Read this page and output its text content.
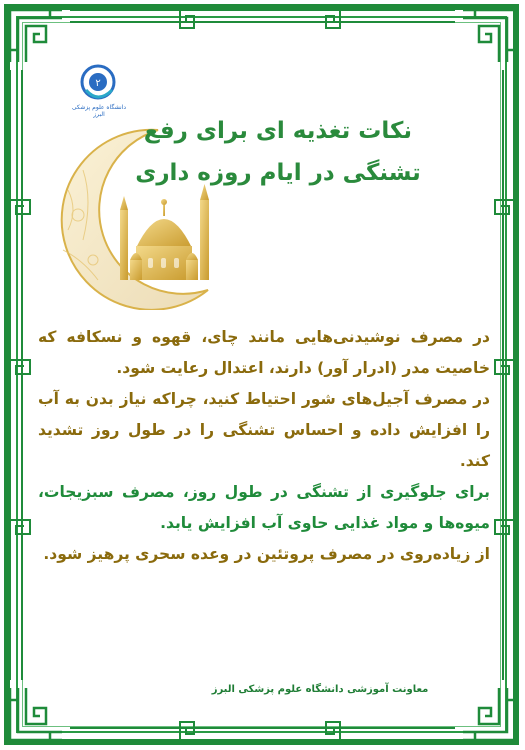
٢
دانشگاه علوم پزشکی البرز
نکات تغذیه ای برای رفع
تشنگی در ایام روزه داری

در مصرف نوشیدنی‌هایی مانند چای، قهوه و نسکافه که خاصیت مدر (ادرار آور) دارند، اعتدال رعایت شود.

در مصرف آجیل‌های شور احتیاط کنید، چراکه نیاز بدن به آب را افزایش داده و احساس تشنگی را در طول روز تشدید کند.

برای جلوگیری از تشنگی در طول روز، مصرف سبزیجات، میوه‌ها و مواد غذایی حاوی آب افزایش یابد.

از زیاده‌روی در مصرف پروتئین در وعده سحری پرهیز شود.

معاونت آموزشی دانشگاه علوم پزشکی البرز
